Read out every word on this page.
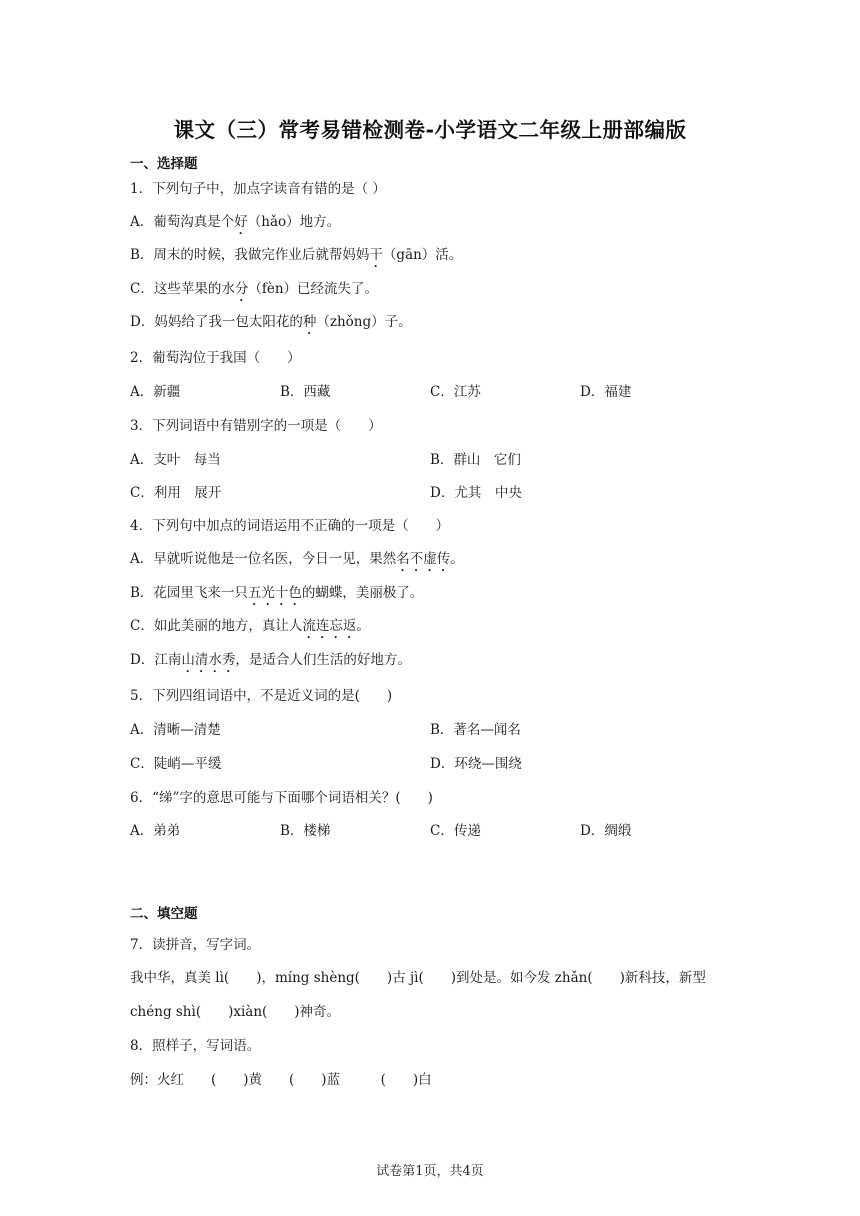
课文（三）常考易错检测卷-小学语文二年级上册部编版
一、选择题
1．下列句子中，加点字读音有错的是（ ）
A．葡萄沟真是个好（hǎo）地方。
B．周末的时候，我做完作业后就帮妈妈干（gān）活。
C．这些苹果的水分（fèn）已经流失了。
D．妈妈给了我一包太阳花的种（zhǒng）子。
2．葡萄沟位于我国（　　）
A．新疆	B．西藏	C．江苏	D．福建
3．下列词语中有错别字的一项是（　　）
A．支叶　每当	B．群山　它们
C．利用　展开	D．尤其　中央
4．下列句中加点的词语运用不正确的一项是（　　）
A．早就听说他是一位名医，今日一见，果然名不虚传。
B．花园里飞来一只五光十色的蝴蝶，美丽极了。
C．如此美丽的地方，真让人流连忘返。
D．江南山清水秀，是适合人们生活的好地方。
5．下列四组词语中，不是近义词的是(　　)
A．清晰—清楚	B．著名—闻名
C．陡峭—平缓	D．环绕—围绕
6．“绨”字的意思可能与下面哪个词语相关？(　　)
A．弟弟	B．楼梯	C．传递	D．绸缎
二、填空题
7．读拼音，写字词。
我中华，真美 lì(　　)，míng shèng(　　)古 jì(　　)到处是。如今发 zhǎn(　　)新科技，新型
chéng shì(　　)xiàn(　　)神奇。
8．照样子，写词语。
例：火红　　(　　)黄　　(　　)蓝　　　(　　)白
试卷第1页，共4页
